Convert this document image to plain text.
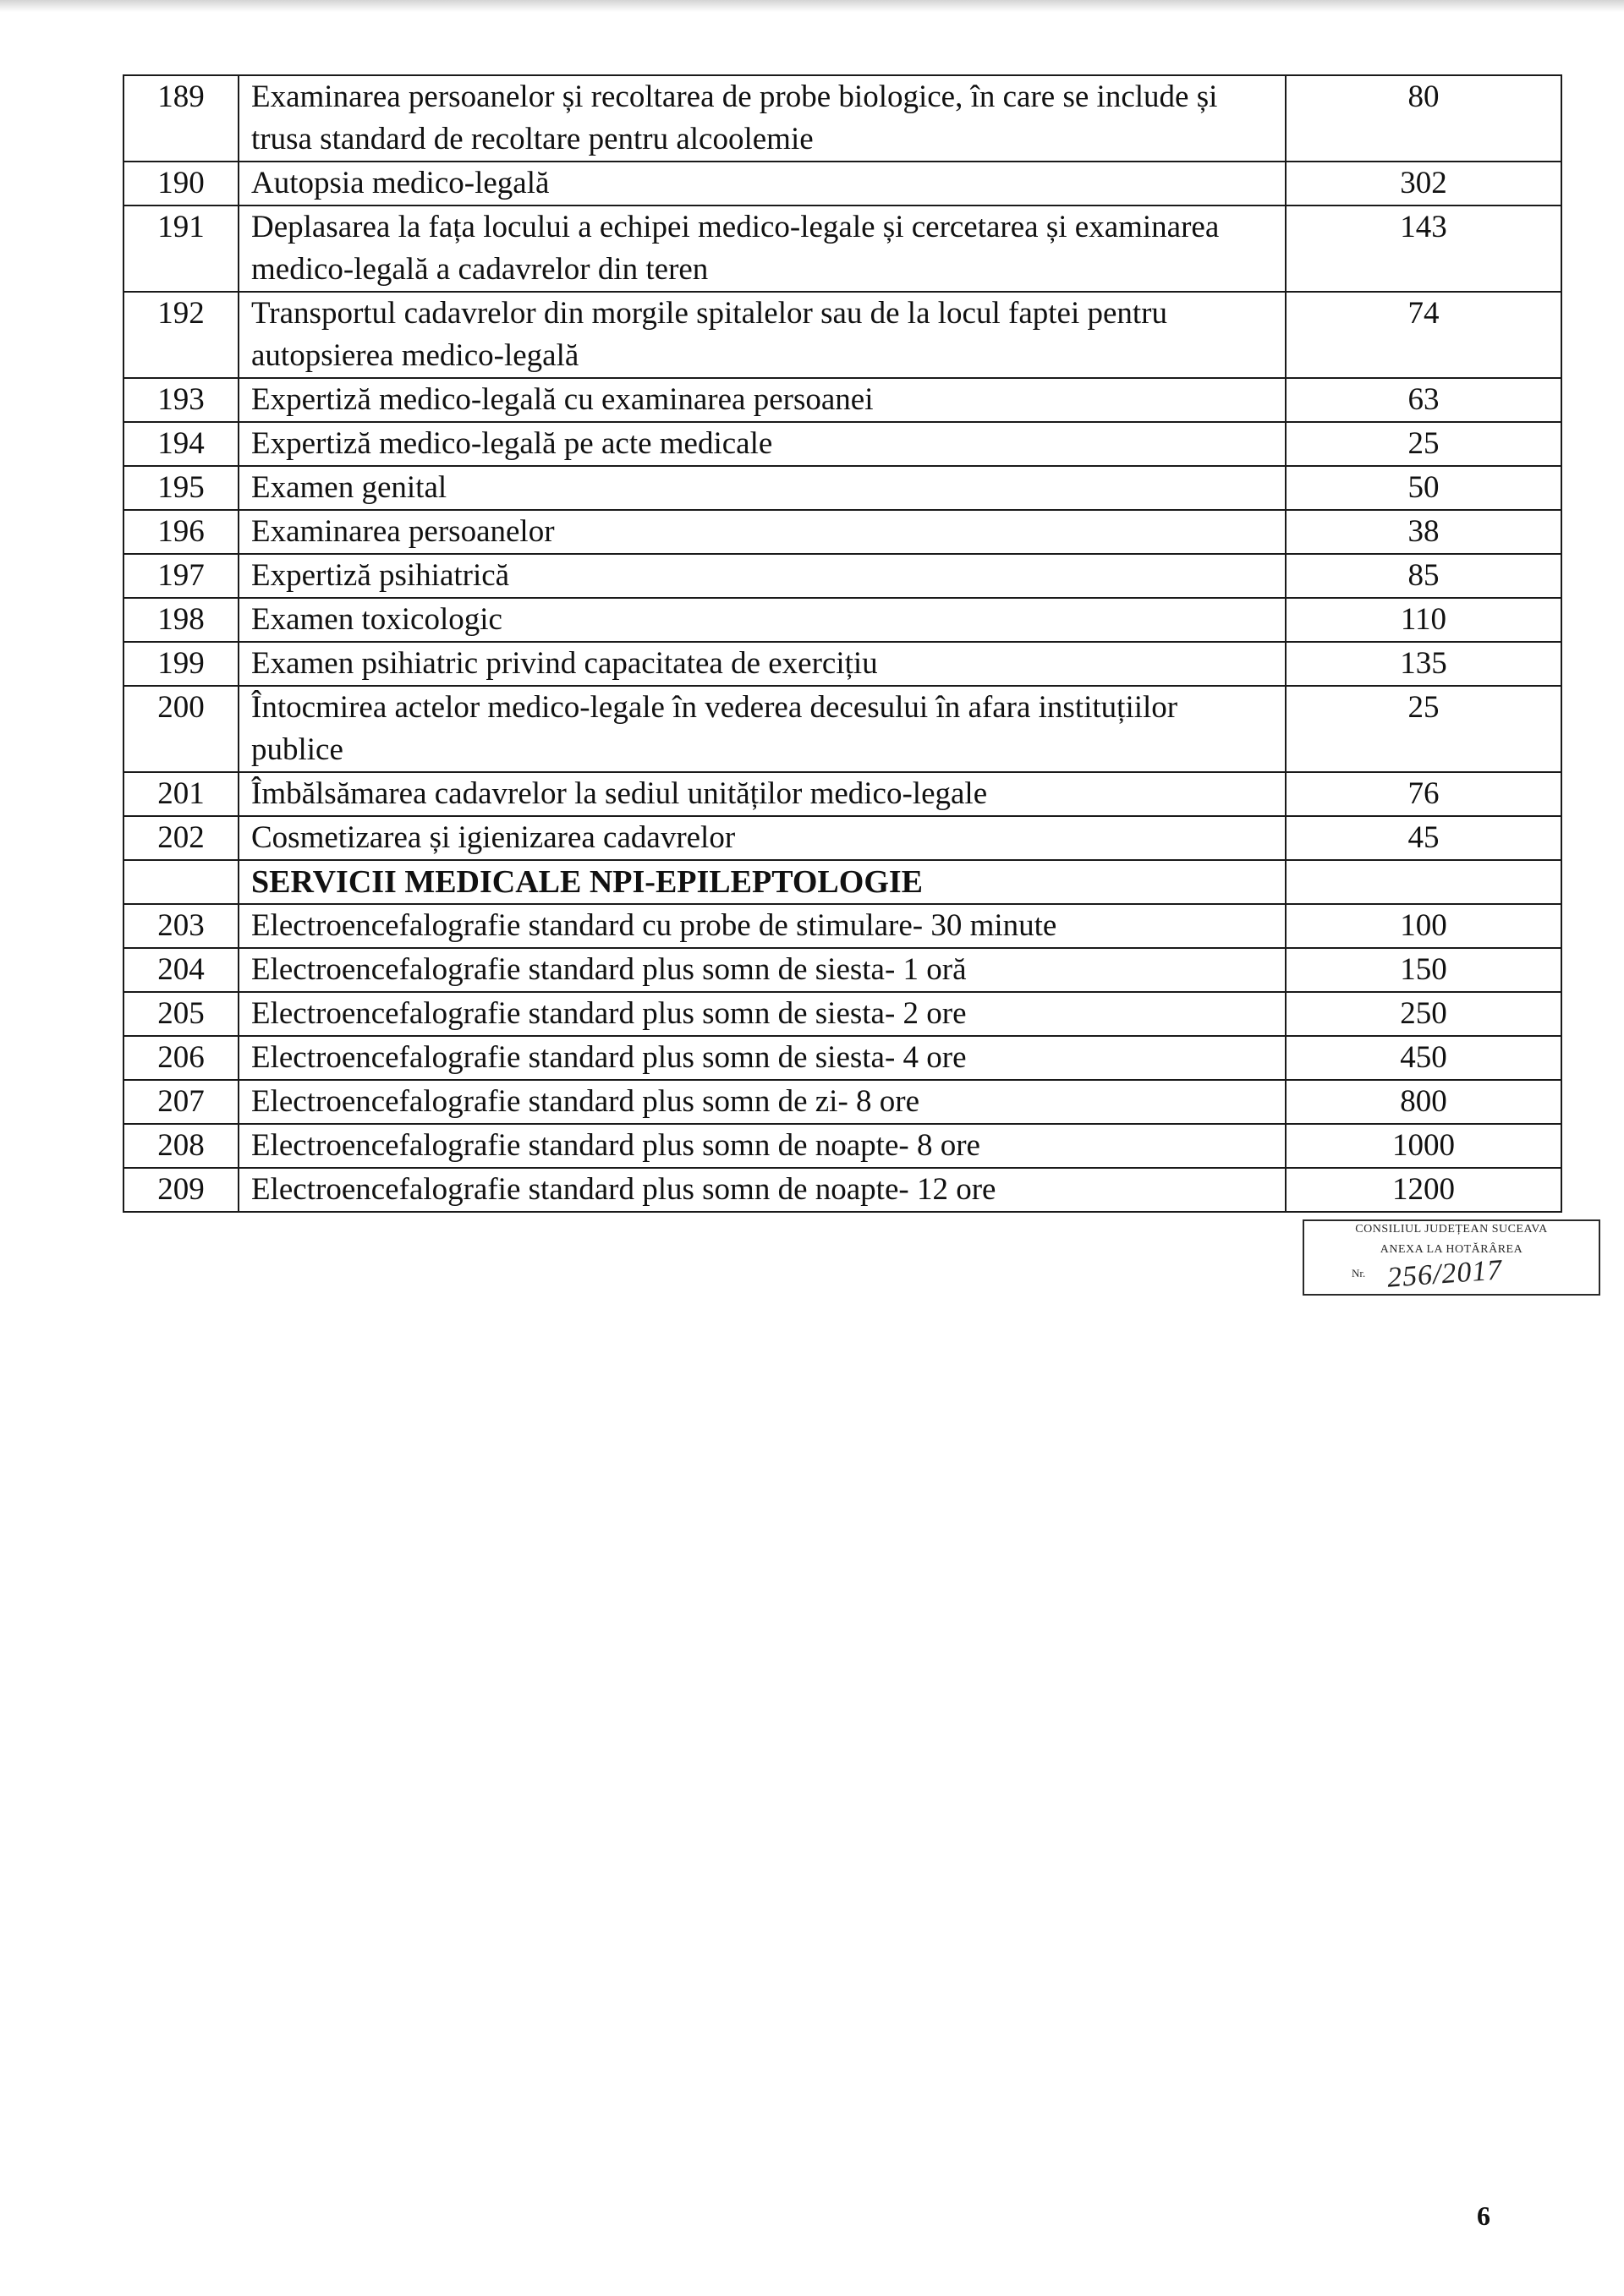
189	Examinarea persoanelor și recoltarea de probe biologice, în care se include și trusa standard de recoltare pentru alcoolemie	80
190	Autopsia medico-legală	302
191	Deplasarea la fața locului a echipei medico-legale și cercetarea și examinarea medico-legală a cadavrelor din teren	143
192	Transportul cadavrelor din morgile spitalelor sau de la locul faptei pentru autopsierea medico-legală	74
193	Expertiză medico-legală cu examinarea persoanei	63
194	Expertiză medico-legală pe acte medicale	25
195	Examen genital	50
196	Examinarea persoanelor	38
197	Expertiză psihiatrică	85
198	Examen toxicologic	110
199	Examen psihiatric privind capacitatea de exercițiu	135
200	Întocmirea actelor medico-legale în vederea decesului în afara instituțiilor publice	25
201	Îmbălsămarea cadavrelor la sediul unităților medico-legale	76
202	Cosmetizarea și igienizarea cadavrelor	45
	SERVICII MEDICALE NPI-EPILEPTOLOGIE	
203	Electroencefalografie standard cu probe de stimulare- 30 minute	100
204	Electroencefalografie standard plus somn de siesta- 1 oră	150
205	Electroencefalografie standard plus somn de siesta- 2 ore	250
206	Electroencefalografie standard plus somn de siesta- 4 ore	450
207	Electroencefalografie standard plus somn de zi- 8 ore	800
208	Electroencefalografie standard plus somn de noapte- 8 ore	1000
209	Electroencefalografie standard plus somn de noapte- 12 ore	1200
CONSILIUL JUDEȚEAN SUCEAVA
ANEXA LA HOTĂRÂREA
Nr. 256/2017
6
